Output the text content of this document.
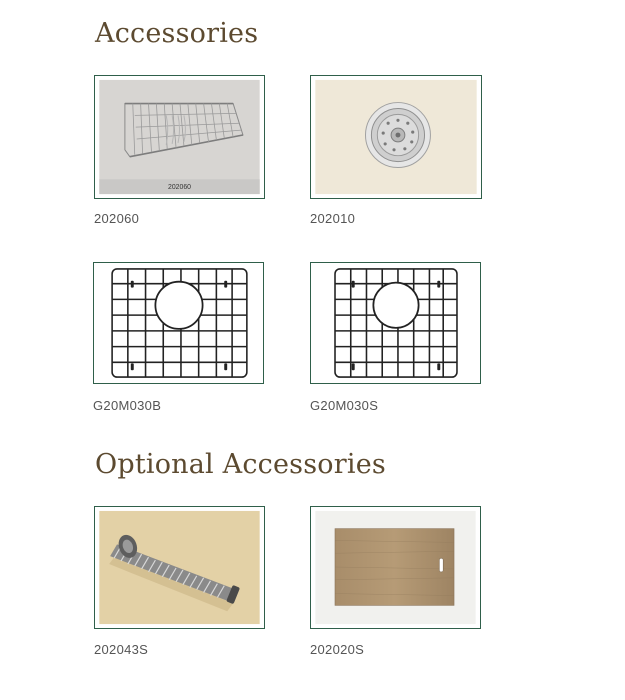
Accessories
202060
202060	202010
G20M030B	G20M030S
Optional Accessories
202043S	202020S
